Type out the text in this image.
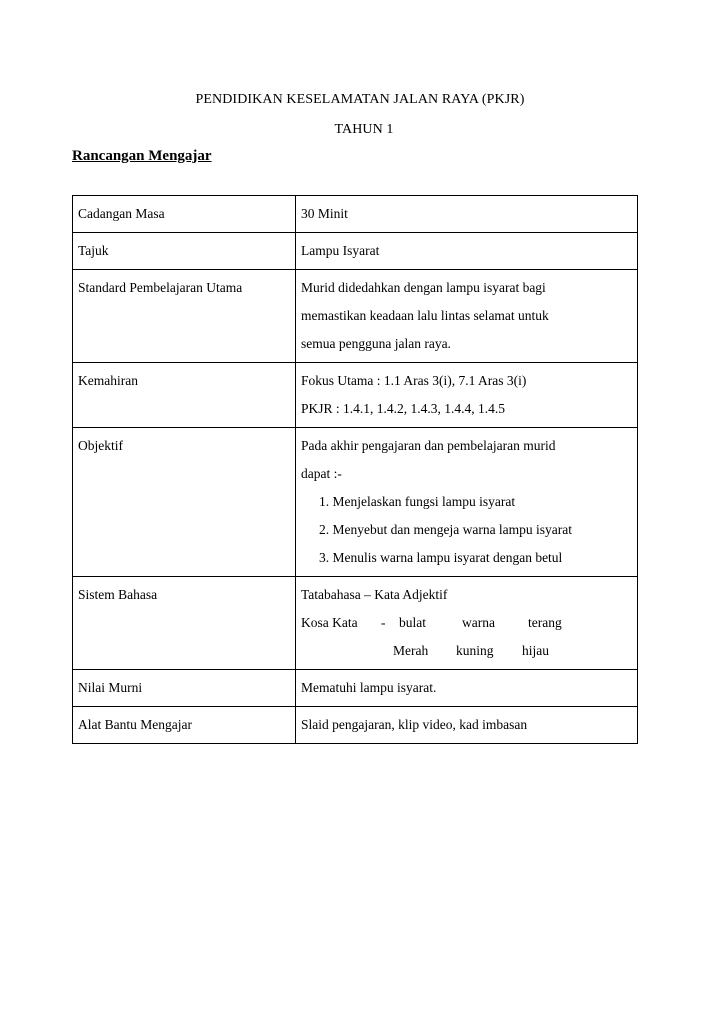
PENDIDIKAN KESELAMATAN JALAN RAYA (PKJR)
TAHUN 1
Rancangan Mengajar
Cadangan Masa	30 Minit
Tajuk	Lampu Isyarat
Standard Pembelajaran Utama	Murid didedahkan dengan lampu isyarat bagi
memastikan keadaan lalu lintas selamat untuk
semua pengguna jalan raya.

Kemahiran	Fokus Utama : 1.1 Aras 3(i), 7.1 Aras 3(i)
PKJR : 1.4.1, 1.4.2, 1.4.3, 1.4.4, 1.4.5

Objektif	Pada akhir pengajaran dan pembelajaran murid
dapat :-
1. Menjelaskan fungsi lampu isyarat
2. Menyebut dan mengeja warna lampu isyarat
3. Menulis warna lampu isyarat dengan betul

Sistem Bahasa	Tatabahasa – Kata Adjektif
Kosa Kata - bulat warna terang
Merah kuning hijau

Nilai Murni	Mematuhi lampu isyarat.
Alat Bantu Mengajar	Slaid pengajaran, klip video, kad imbasan
